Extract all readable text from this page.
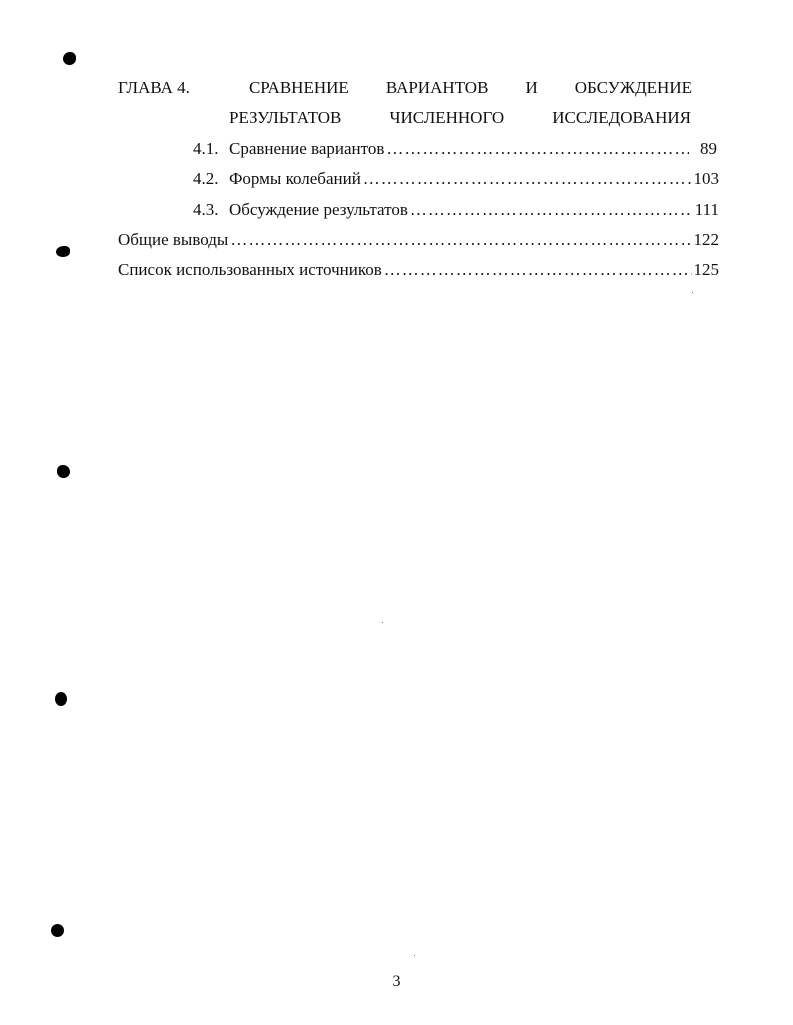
ГЛАВА 4.	СРАВНЕНИЕ ВАРИАНТОВ И ОБСУЖДЕНИЕ
РЕЗУЛЬТАТОВ	ЧИСЛЕННОГО	ИССЛЕДОВАНИЯ
4.1. Сравнение вариантов ……………………………………………………………………………………………………………………………………	89
4.2. Формы колебаний ……………………………………………………………………………………………………………………………………	103
4.3. Обсуждение результатов ……………………………………………………………………………………………………………………………………	111
Общие выводы ……………………………………………………………………………………………………………………………………	122
Список использованных источников ……………………………………………………………………………………………………………………………………	125
3
